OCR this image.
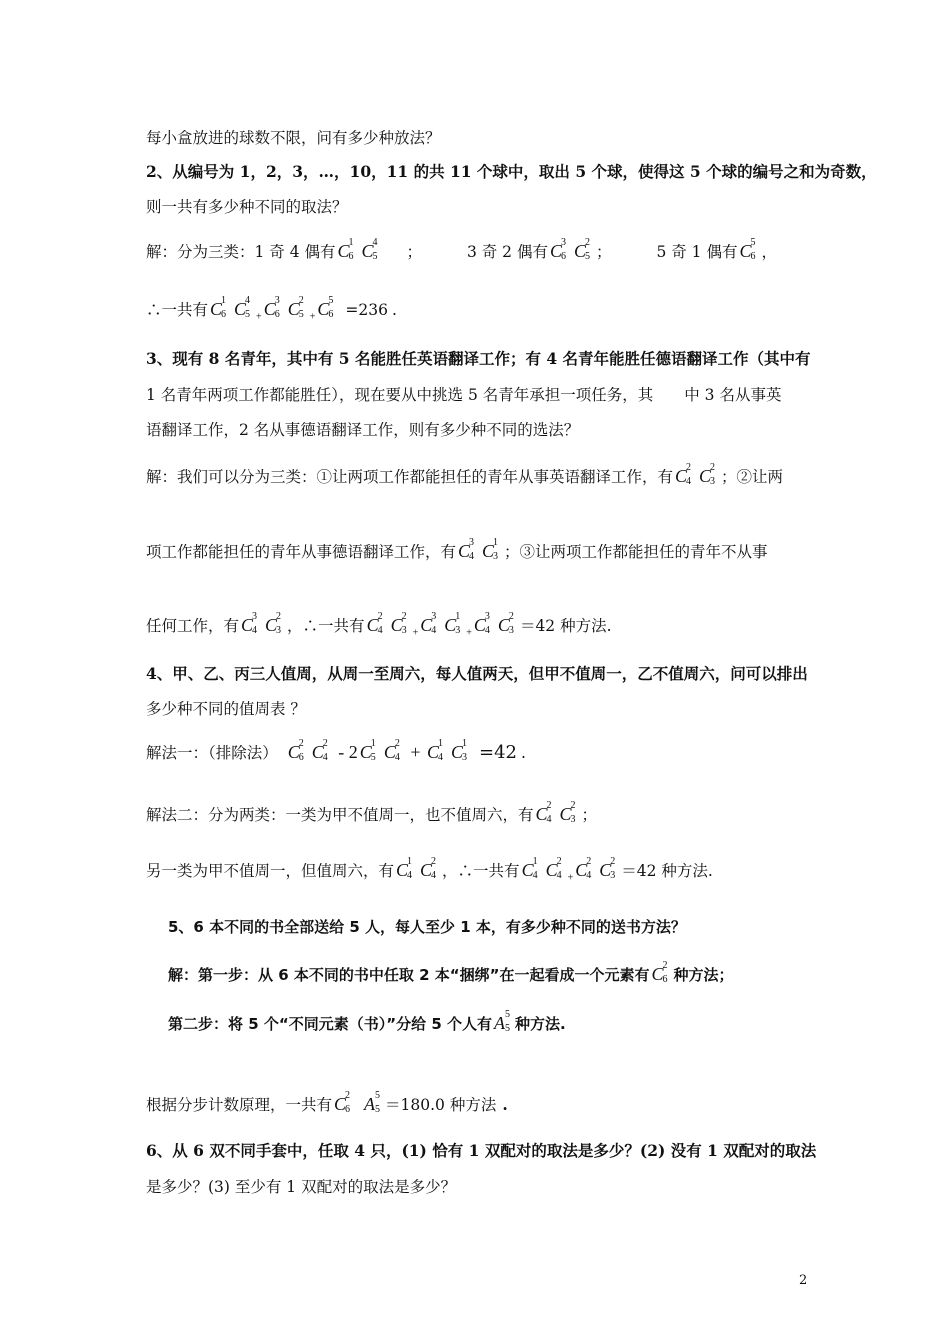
每小盒放进的球数不限，问有多少种放法？
2、从编号为 1，2，3，…，10，11 的共 11 个球中，取出 5 个球，使得这 5 个球的编号之和为奇数，
则一共有多少种不同的取法？
解：分为三类：1 奇 4 偶有 C
1
6 C
4
5 ；	3 奇 2 偶有 C
3
6 C
2
5 ；	5 奇 1 偶有 C
5
6 ，
∴一共有 C
1
6 C
4
5 $_+$ C
3
6 C
2
5 $_+$ C
5
6 =236 .
3、现有 8 名青年，其中有 5 名能胜任英语翻译工作；有 4 名青年能胜任德语翻译工作（其中有
1 名青年两项工作都能胜任），现在要从中挑选 5 名青年承担一项任务，其　　中 3 名从事英
语翻译工作，2 名从事德语翻译工作，则有多少种不同的选法？
解：我们可以分为三类：①让两项工作都能担任的青年从事英语翻译工作，有 C
2
4 C
2
3 ；②让两
项工作都能担任的青年从事德语翻译工作，有 C
3
4 C
1
3 ；③让两项工作都能担任的青年不从事
任何工作，有 C
3
4 C
2
3 ，∴一共有 C
2
4 C
2
3 $_+$ C
3
4 C
1
3 $_+$ C
3
4 C
2
3 ＝42 种方法.
4、甲、乙、丙三人值周，从周一至周六，每人值两天，但甲不值周一，乙不值周六，问可以排出
多少种不同的值周表 ？
解法一：（排除法） C
2
6 C
2
4 - 2 C
1
5 C
2
4 + C
1
4 C
1
3 =42 .
解法二：分为两类：一类为甲不值周一，也不值周六，有 C
2
4 C
2
3 ；
另一类为甲不值周一，但值周六，有 C
1
4 C
2
4 ，∴一共有 C
1
4 C
2
4 $_+$ C
2
4 C
2
3 ＝42 种方法.
5、6 本不同的书全部送给 5 人，每人至少 1 本，有多少种不同的送书方法？
解：第一步：从 6 本不同的书中任取 2 本“捆绑”在一起看成一个元素有 C
2
6 种方法；
第二步：将 5 个“不同元素（书）”分给 5 个人有 A 5
5 种方法.
根据分步计数原理，一共有 C
2
6 A 5
5 ＝180.0 种方法 .
6、从 6 双不同手套中，任取 4 只，(1) 恰有 1 双配对的取法是多少？(2) 没有 1 双配对的取法
是多少？(3) 至少有 1 双配对的取法是多少？
2
